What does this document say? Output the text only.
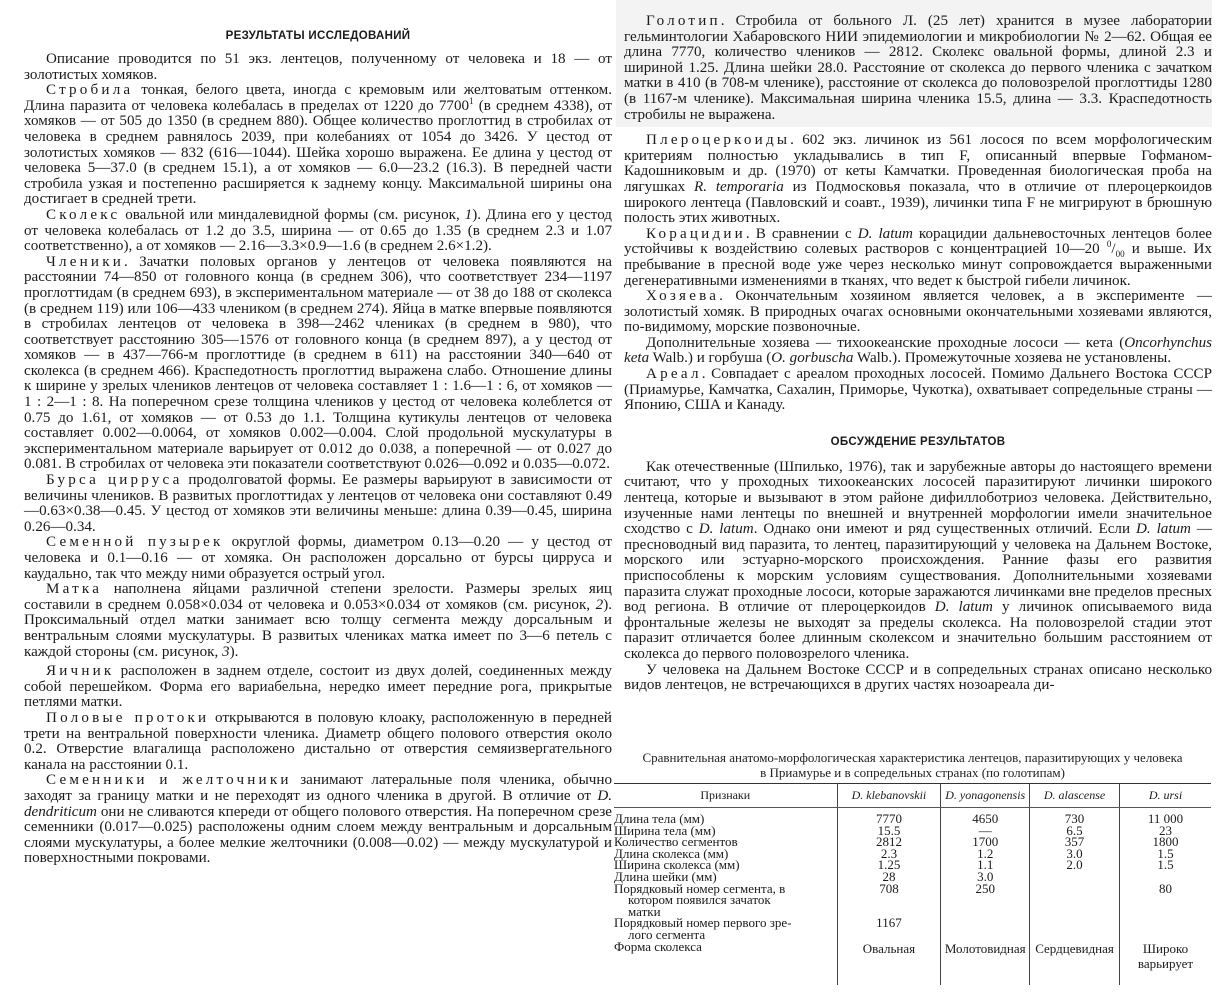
РЕЗУЛЬТАТЫ ИССЛЕДОВАНИЙ

Описание проводится по 51 экз. лентецов, полученному от человека и 18 — от золотистых хомяков.

Стробила тонкая, белого цвета, иногда с кремовым или желтоватым оттенком. Длина паразита от человека колебалась в пределах от 1220 до 7700$^1$ (в среднем 4338), от хомяков — от 505 до 1350 (в среднем 880). Общее количество проглоттид в стробилах от человека в среднем равнялось 2039, при колебаниях от 1054 до 3426. У цестод от золотистых хомяков — 832 (616—1044). Шейка хорошо выражена. Ее длина у цестод от человека 5—37.0 (в среднем 15.1), а от хомяков — 6.0—23.2 (16.3). В передней части стробила узкая и постепенно расширяется к заднему концу. Максимальной ширины она достигает в средней трети.

Сколекс овальной или миндалевидной формы (см. рисунок, 1). Длина его у цестод от человека колебалась от 1.2 до 3.5, ширина — от 0.65 до 1.35 (в среднем 2.3 и 1.07 соответственно), а от хомяков — 2.16—3.3×0.9—1.6 (в среднем 2.6×1.2).

Членики. Зачатки половых органов у лентецов от человека появляются на расстоянии 74—850 от головного конца (в среднем 306), что соответствует 234—1197 проглоттидам (в среднем 693), в экспериментальном материале — от 38 до 188 от сколекса (в среднем 119) или 106—433 члеником (в среднем 274). Яйца в матке впервые появляются в стробилах лентецов от человека в 398—2462 члениках (в среднем в 980), что соответствует расстоянию 305—1576 от головного конца (в среднем 897), а у цестод от хомяков — в 437—766-м проглоттиде (в среднем в 611) на расстоянии 340—640 от сколекса (в среднем 466). Краспедотность проглоттид выражена слабо. Отношение длины к ширине у зрелых члеников лентецов от человека составляет 1 : 1.6—1 : 6, от хомяков — 1 : 2—1 : 8. На поперечном срезе толщина члеников у цестод от человека колеблется от 0.75 до 1.61, от хомяков — от 0.53 до 1.1. Толщина кутикулы лентецов от человека составляет 0.002—0.0064, от хомяков 0.002—0.004. Слой продольной мускулатуры в экспериментальном материале варьирует от 0.012 до 0.038, а поперечной — от 0.027 до 0.081. В стробилах от человека эти показатели соответствуют 0.026—0.092 и 0.035—0.072.

Бурса цирруса продолговатой формы. Ее размеры варьируют в зависимости от величины члеников. В развитых проглоттидах у лентецов от человека они составляют 0.49—0.63×0.38—0.45. У цестод от хомяков эти величины меньше: длина 0.39—0.45, ширина 0.26—0.34.

Семенной пузырек округлой формы, диаметром 0.13—0.20 — у цестод от человека и 0.1—0.16 — от хомяка. Он расположен дорсально от бурсы цирруса и каудально, так что между ними образуется острый угол.

Матка наполнена яйцами различной степени зрелости. Размеры зрелых яиц составили в среднем 0.058×0.034 от человека и 0.053×0.034 от хомяков (см. рисунок, 2). Проксимальный отдел матки занимает всю толщу сегмента между дорсальным и вентральным слоями мускулатуры. В развитых члениках матка имеет по 3—6 петель с каждой стороны (см. рисунок, 3).

Яичник расположен в заднем отделе, состоит из двух долей, соединенных между собой перешейком. Форма его вариабельна, нередко имеет передние рога, прикрытые петлями матки.

Половые протоки открываются в половую клоаку, расположенную в передней трети на вентральной поверхности членика. Диаметр общего полового отверстия около 0.2. Отверстие влагалища расположено дистально от отверстия семяизвергательного канала на расстоянии 0.1.

Семенники и желточники занимают латеральные поля членика, обычно заходят за границу матки и не переходят из одного членика в другой. В отличие от D. dendriticum они не сливаются кпереди от общего полового отверстия. На поперечном срезе семенники (0.017—0.025) расположены одним слоем между вентральным и дорсальным слоями мускулатуры, а более мелкие желточники (0.008—0.02) — между мускулатурой и поверхностными покровами.

Голотип. Стробила от больного Л. (25 лет) хранится в музее лаборатории гельминтологии Хабаровского НИИ эпидемиологии и микробиологии № 2—62. Общая ее длина 7770, количество члеников — 2812. Сколекс овальной формы, длиной 2.3 и шириной 1.25. Длина шейки 28.0. Расстояние от сколекса до первого членика с зачатком матки в 410 (в 708-м членике), расстояние от сколекса до половозрелой проглоттиды 1280 (в 1167-м членике). Максимальная ширина членика 15.5, длина — 3.3. Краспедотность стробилы не выражена.

Плероцеркоиды. 602 экз. личинок из 561 лосося по всем морфологическим критериям полностью укладывались в тип F, описанный впервые Гофманом-Кадошниковым и др. (1970) от кеты Камчатки. Проведенная биологическая проба на лягушках R. temporaria из Подмосковья показала, что в отличие от плероцеркоидов широкого лентеца (Павловский и соавт., 1939), личинки типа F не мигрируют в брюшную полость этих животных.

Корацидии. В сравнении с D. latum корацидии дальневосточных лентецов более устойчивы к воздействию солевых растворов с концентрацией 10—20 $^0/_{00}$ и выше. Их пребывание в пресной воде уже через несколько минут сопровождается выраженными дегенеративными изменениями в тканях, что ведет к быстрой гибели личинок.

Хозяева. Окончательным хозяином является человек, а в эксперименте — золотистый хомяк. В природных очагах основными окончательными хозяевами являются, по-видимому, морские позвоночные.

Дополнительные хозяева — тихоокеанские проходные лососи — кета (Oncorhynchus keta Walb.) и горбуша (O. gorbuscha Walb.). Промежуточные хозяева не установлены.

Ареал. Совпадает с ареалом проходных лососей. Помимо Дальнего Востока СССР (Приамурье, Камчатка, Сахалин, Приморье, Чукотка), охватывает сопредельные страны — Японию, США и Канаду.

ОБСУЖДЕНИЕ РЕЗУЛЬТАТОВ

Как отечественные (Шпилько, 1976), так и зарубежные авторы до настоящего времени считают, что у проходных тихоокеанских лососей паразитируют личинки широкого лентеца, которые и вызывают в этом районе дифиллоботриоз человека. Действительно, изученные нами лентецы по внешней и внутренней морфологии имели значительное сходство с D. latum. Однако они имеют и ряд существенных отличий. Если D. latum — пресноводный вид паразита, то лентец, паразитирующий у человека на Дальнем Востоке, морского или эстуарно-морского происхождения. Ранние фазы его развития приспособлены к морским условиям существования. Дополнительными хозяевами паразита служат проходные лососи, которые заражаются личинками вне пределов пресных вод региона. В отличие от плероцеркоидов D. latum у личинок описываемого вида фронтальные железы не выходят за пределы сколекса. На половозрелой стадии этот паразит отличается более длинным сколексом и значительно большим расстоянием от сколекса до первого половозрелого членика.

У человека на Дальнем Востоке СССР и в сопредельных странах описано несколько видов лентецов, не встречающихся в других частях нозоареала ди-

Сравнительная анатомо-морфологическая характеристика лентецов, паразитирующих у человека
в Приамурье и в сопредельных странах (по голотипам)
Признаки	D. klebanovskii	D. yonagonensis	D. alascense	D. ursi
Длина тела (мм)	7770	4650	730	11 000
Ширина тела (мм)	15.5	—	6.5	23
Количество сегментов	2812	1700	357	1800
Длина сколекса (мм)	2.3	1.2	3.0	1.5
Ширина сколекса (мм)	1.25	1.1	2.0	1.5
Длина шейки (мм)	28	3.0		
Порядковый номер сегмента, в
котором появился зачаток
матки	708	250		80
Порядковый номер первого зре-
лого сегмента	1167			
Форма сколекса	Овальная	Молотовидная	Сердцевидная	Широко варьирует
